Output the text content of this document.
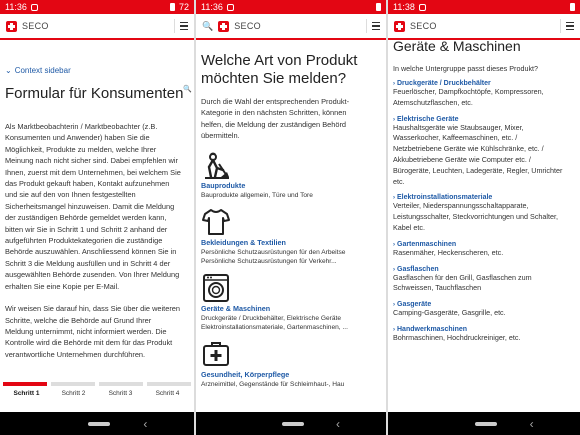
11:36	72
SECO
⌄ Context sidebar
Formular für Konsumenten
Als Marktbeobachterin / Marktbeobachter (z.B.
Konsumenten und Anwender) haben Sie die
Möglichkeit, Produkte zu melden, welche Ihrer
Meinung nach nicht sicher sind. Dabei empfehlen wir
Ihnen, zuerst mit dem Unternehmen, bei welchem Sie
das Produkt gekauft haben, Kontakt aufzunehmen
und sie auf den von Ihnen festgestellten
Sicherheitsmangel hinzuweisen. Damit die Meldung
der zuständigen Behörde gemeldet werden kann,
bitten wir Sie in Schritt 1 und Schritt 2 anhand der
aufgeführten Produktekategorien die zuständige
Behörde auszuwählen. Anschliessend können Sie in
Schritt 3 die Meldung ausfüllen und in Schritt 4 der
ausgewählten Behörde zusenden. Von Ihrer Meldung
erhalten Sie eine Kopie per E-Mail.
Wir weisen Sie darauf hin, dass Sie über die weiteren
Schritte, welche die Behörde auf Grund Ihrer
Meldung unternimmt, nicht informiert werden. Die
Kontrolle wird die Behörde mit dem für das Produkt
verantwortliche Unternehmen durchführen.
🔍
Schritt 1	Schritt 2	Schritt 3	Schritt 4
‹
11:36
🔍 SECO
Welche Art von Produkt
möchten Sie melden?
Durch die Wahl der entsprechenden Produkt-
Kategorie in den nächsten Schritten, können
helfen, die Meldung der zuständigen Behörd
übermitteln.
Bauprodukte
Bauprodukte allgemein, Türe und Tore
Bekleidungen & Textilien
Persönliche Schutzausrüstungen für den Arbeitse
Persönliche Schutzausrüstungen für Verkehr...
Geräte & Maschinen
Druckgeräte / Druckbehälter, Elektrische Geräte
Elektroinstallationsmateriale, Gartenmaschinen, ...
Gesundheit, Körperpflege
Arzneimittel, Gegenstände für Schleimhaut-, Hau
‹
11:38
SECO
Geräte & Maschinen
In welche Untergruppe passt dieses Produkt?
› Druckgeräte / Druckbehälter
Feuerlöscher, Dampfkochtöpfe, Kompressoren,
Atemschutzflaschen, etc.
› Elektrische Geräte
Haushaltsgeräte wie Staubsauger, Mixer,
Wasserkocher, Kaffeemaschinen, etc. /
Netzbetriebene Geräte wie Kühlschränke, etc. /
Akkubetriebene Geräte wie Computer etc. /
Bürogeräte, Leuchten, Ladegeräte, Regler, Umrichter
etc.
› Elektroinstallationsmateriale
Verteiler, Niederspannungsschaltapparate,
Leistungsschalter, Steckvorrichtungen und Schalter,
Kabel etc.
› Gartenmaschinen
Rasenmäher, Heckenscheren, etc.
› Gasflaschen
Gasflaschen für den Grill, Gasflaschen zum
Schweissen, Tauchflaschen
› Gasgeräte
Camping-Gasgeräte, Gasgrille, etc.
› Handwerkmaschinen
Bohrmaschinen, Hochdruckreiniger, etc.
‹
